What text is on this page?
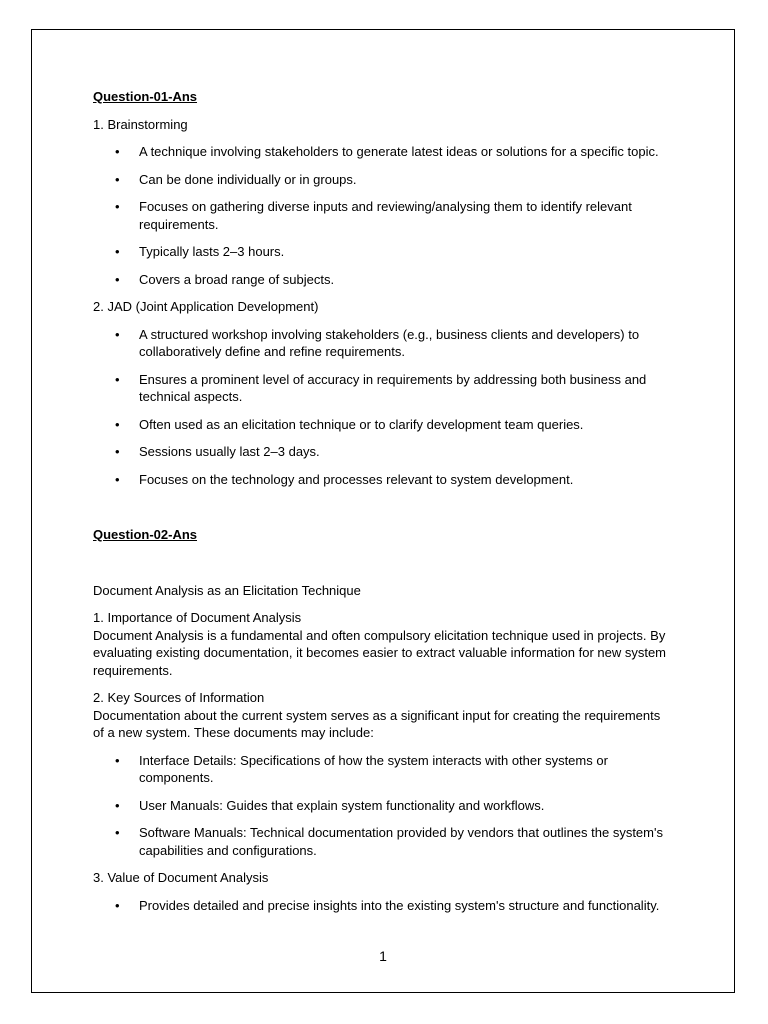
Question-01-Ans
1. Brainstorming
• A technique involving stakeholders to generate latest ideas or solutions for a specific topic.
• Can be done individually or in groups.
• Focuses on gathering diverse inputs and reviewing/analysing them to identify relevant requirements.
• Typically lasts 2–3 hours.
• Covers a broad range of subjects.
2. JAD (Joint Application Development)
• A structured workshop involving stakeholders (e.g., business clients and developers) to collaboratively define and refine requirements.
• Ensures a prominent level of accuracy in requirements by addressing both business and technical aspects.
• Often used as an elicitation technique or to clarify development team queries.
• Sessions usually last 2–3 days.
• Focuses on the technology and processes relevant to system development.
Question-02-Ans
Document Analysis as an Elicitation Technique
1. Importance of Document Analysis
Document Analysis is a fundamental and often compulsory elicitation technique used in projects. By evaluating existing documentation, it becomes easier to extract valuable information for new system requirements.
2. Key Sources of Information
Documentation about the current system serves as a significant input for creating the requirements of a new system. These documents may include:
• Interface Details: Specifications of how the system interacts with other systems or components.
• User Manuals: Guides that explain system functionality and workflows.
• Software Manuals: Technical documentation provided by vendors that outlines the system's capabilities and configurations.
3. Value of Document Analysis
• Provides detailed and precise insights into the existing system's structure and functionality.
1
